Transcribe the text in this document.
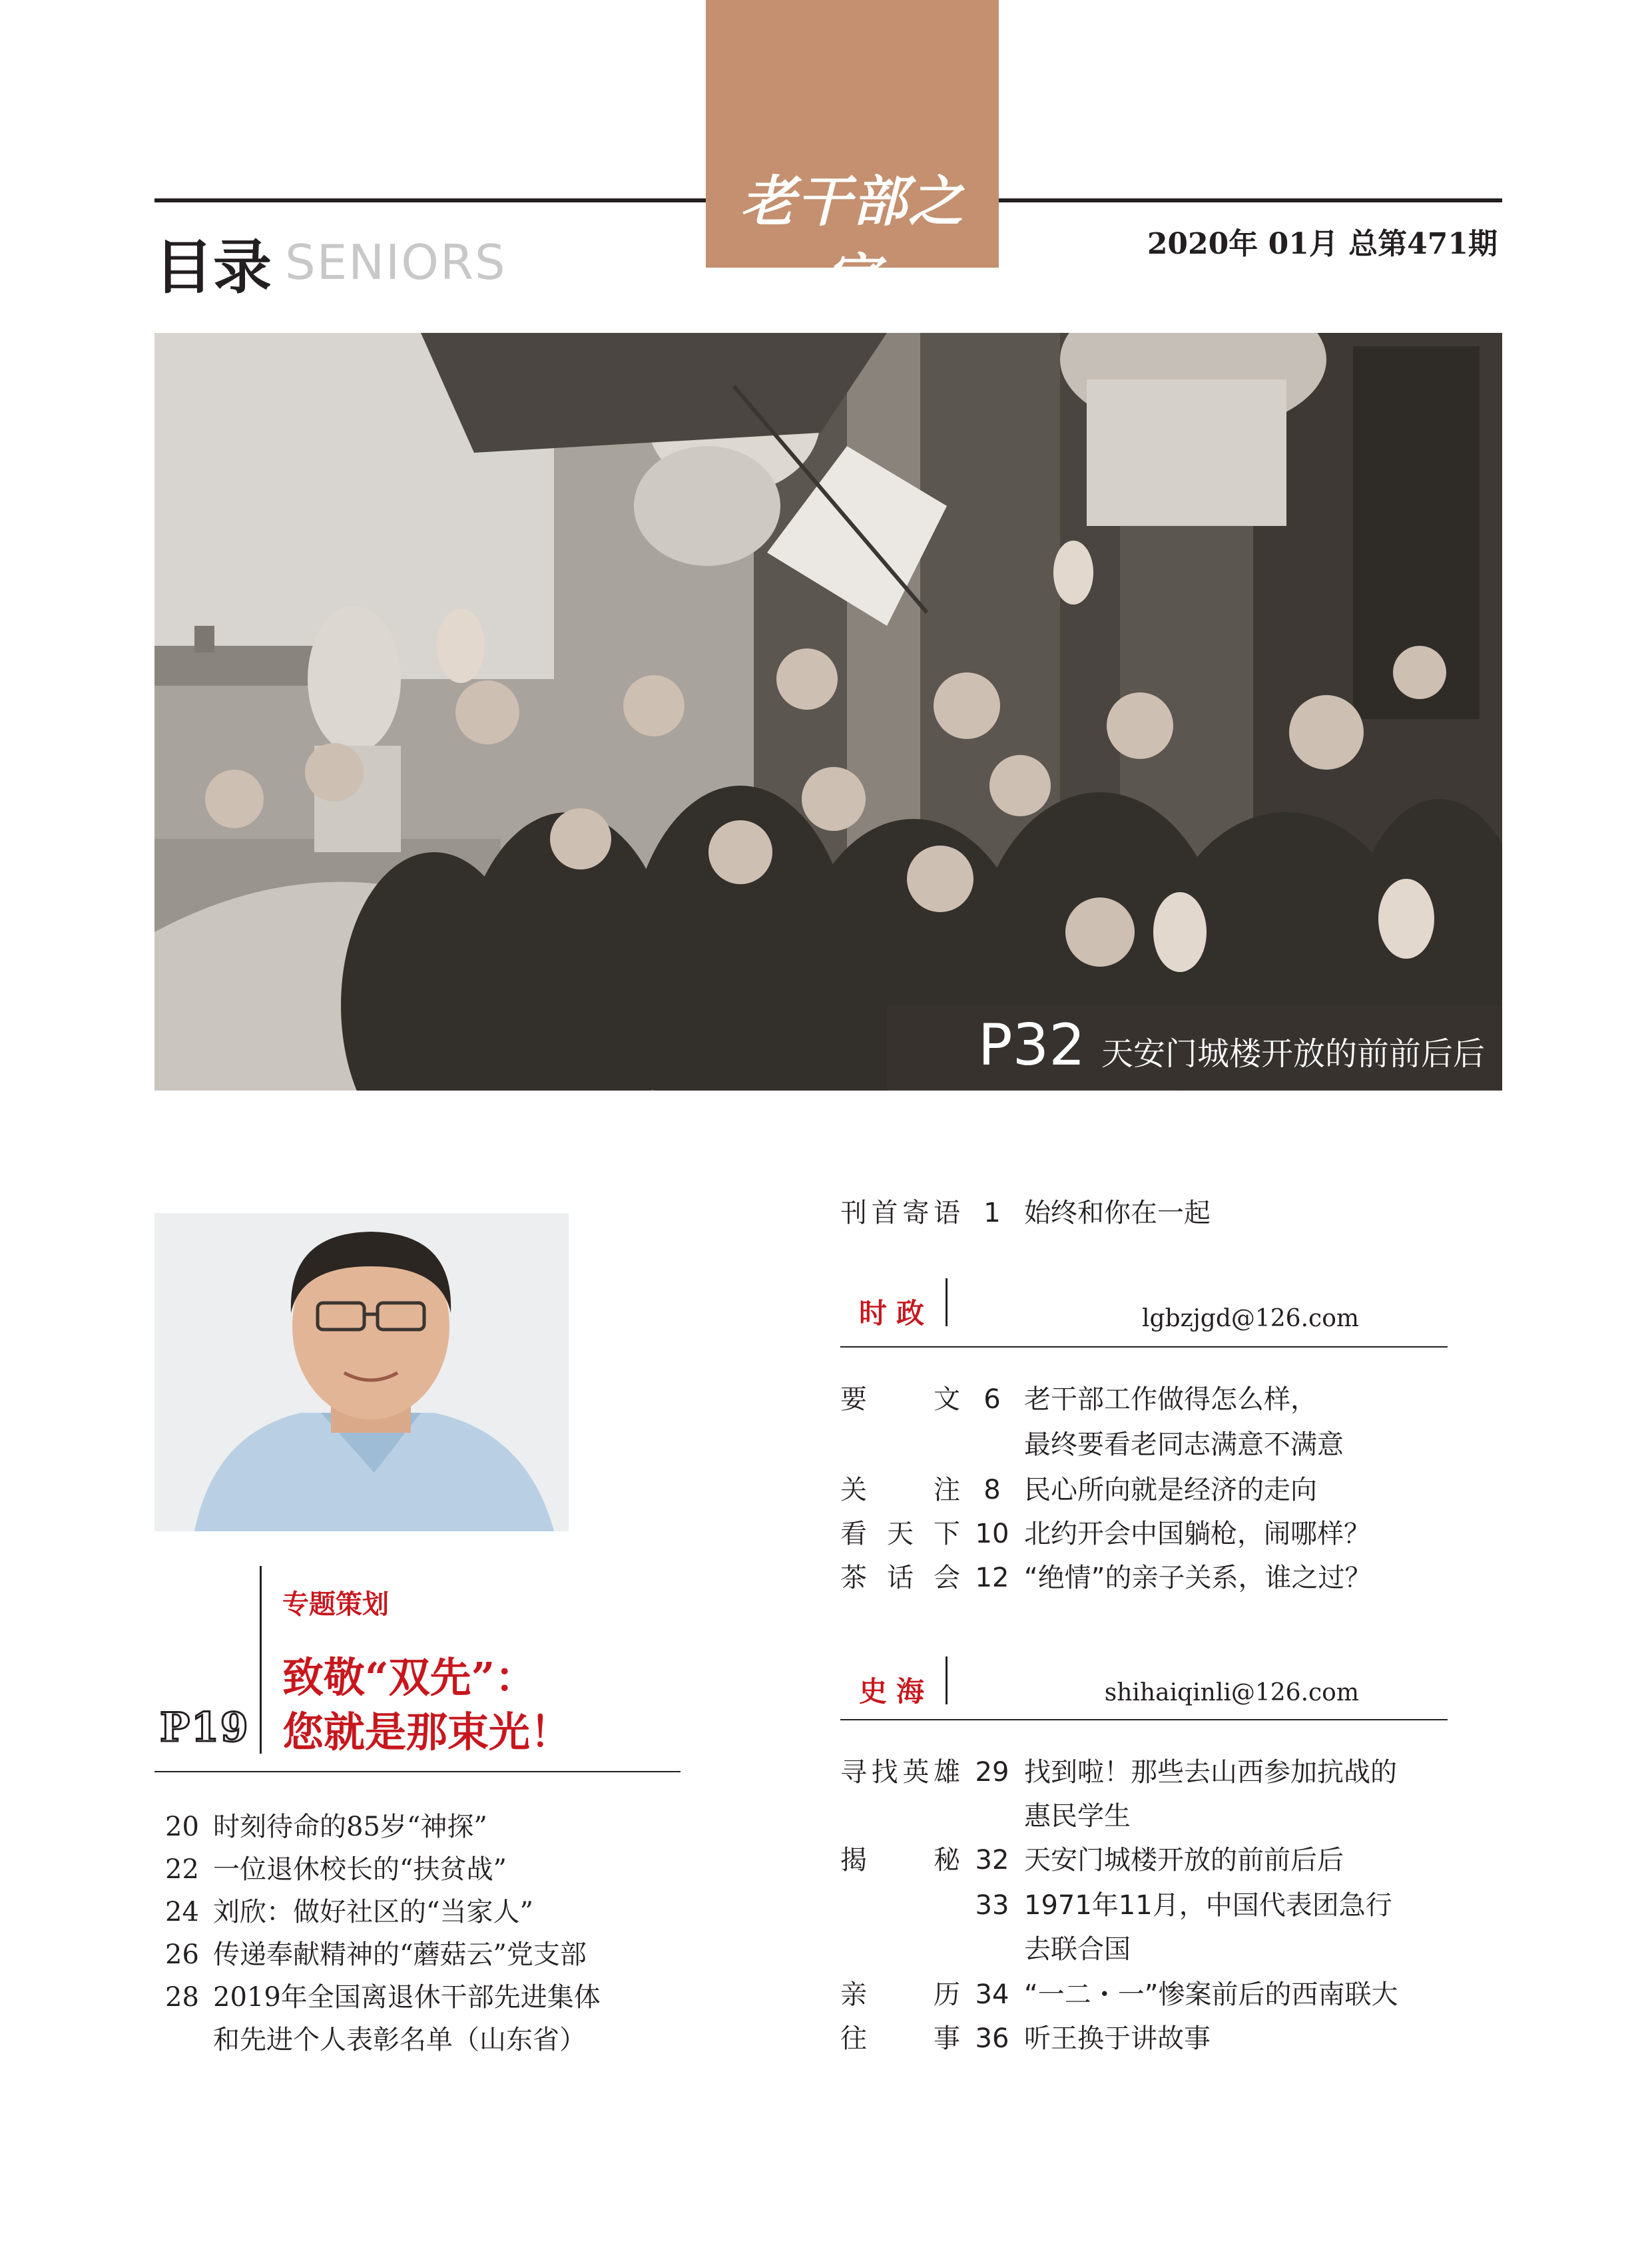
老干部之家
目录 SENIORS	2020年 01月 总第471期
P32 天安门城楼开放的前前后后
专题策划
致敬“双先”：
您就是那束光！
P19
20 时刻待命的85岁“神探”
22 一位退休校长的“扶贫战”
24 刘欣：做好社区的“当家人”
26 传递奉献精神的“蘑菇云”党支部
28 2019年全国离退休干部先进集体
和先进个人表彰名单（山东省）
刊首寄语 1 始终和你在一起
时政	lgbzjgd@126.com
要文 6 老干部工作做得怎么样，
最终要看老同志满意不满意
关注 8 民心所向就是经济的走向
看天下 10 北约开会中国躺枪，闹哪样？
茶话会 12 “绝情”的亲子关系，谁之过？
史海	shihaiqinli@126.com
寻找英雄 29 找到啦！那些去山西参加抗战的
惠民学生
揭秘 32 天安门城楼开放的前前后后
33 1971年11月，中国代表团急行
去联合国
亲历 34 “一二・一”惨案前后的西南联大
往事 36 听王换于讲故事
